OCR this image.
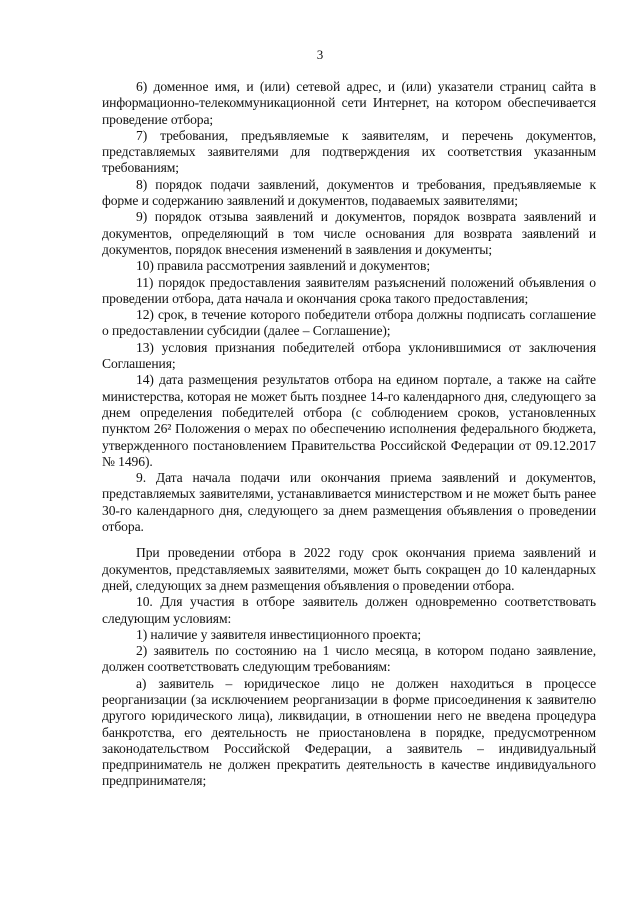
3

6) доменное имя, и (или) сетевой адрес, и (или) указатели страниц сайта в информационно-телекоммуникационной сети Интернет, на котором обеспечивается проведение отбора;

7) требования, предъявляемые к заявителям, и перечень документов, представляемых заявителями для подтверждения их соответствия указанным требованиям;

8) порядок подачи заявлений, документов и требования, предъявляемые к форме и содержанию заявлений и документов, подаваемых заявителями;

9) порядок отзыва заявлений и документов, порядок возврата заявлений и документов, определяющий в том числе основания для возврата заявлений и документов, порядок внесения изменений в заявления и документы;

10) правила рассмотрения заявлений и документов;

11) порядок предоставления заявителям разъяснений положений объявления о проведении отбора, дата начала и окончания срока такого предоставления;

12) срок, в течение которого победители отбора должны подписать соглашение о предоставлении субсидии (далее – Соглашение);

13) условия признания победителей отбора уклонившимися от заключения Соглашения;

14) дата размещения результатов отбора на едином портале, а также на сайте министерства, которая не может быть позднее 14-го календарного дня, следующего за днем определения победителей отбора (с соблюдением сроков, установленных пунктом 26² Положения о мерах по обеспечению исполнения федерального бюджета, утвержденного постановлением Правительства Российской Федерации от 09.12.2017 № 1496).

9. Дата начала подачи или окончания приема заявлений и документов, представляемых заявителями, устанавливается министерством и не может быть ранее 30-го календарного дня, следующего за днем размещения объявления о проведении отбора.

При проведении отбора в 2022 году срок окончания приема заявлений и документов, представляемых заявителями, может быть сокращен до 10 календарных дней, следующих за днем размещения объявления о проведении отбора.

10. Для участия в отборе заявитель должен одновременно соответствовать следующим условиям:

1) наличие у заявителя инвестиционного проекта;

2) заявитель по состоянию на 1 число месяца, в котором подано заявление, должен соответствовать следующим требованиям:

а) заявитель – юридическое лицо не должен находиться в процессе реорганизации (за исключением реорганизации в форме присоединения к заявителю другого юридического лица), ликвидации, в отношении него не введена процедура банкротства, его деятельность не приостановлена в порядке, предусмотренном законодательством Российской Федерации, а заявитель – индивидуальный предприниматель не должен прекратить деятельность в качестве индивидуального предпринимателя;
